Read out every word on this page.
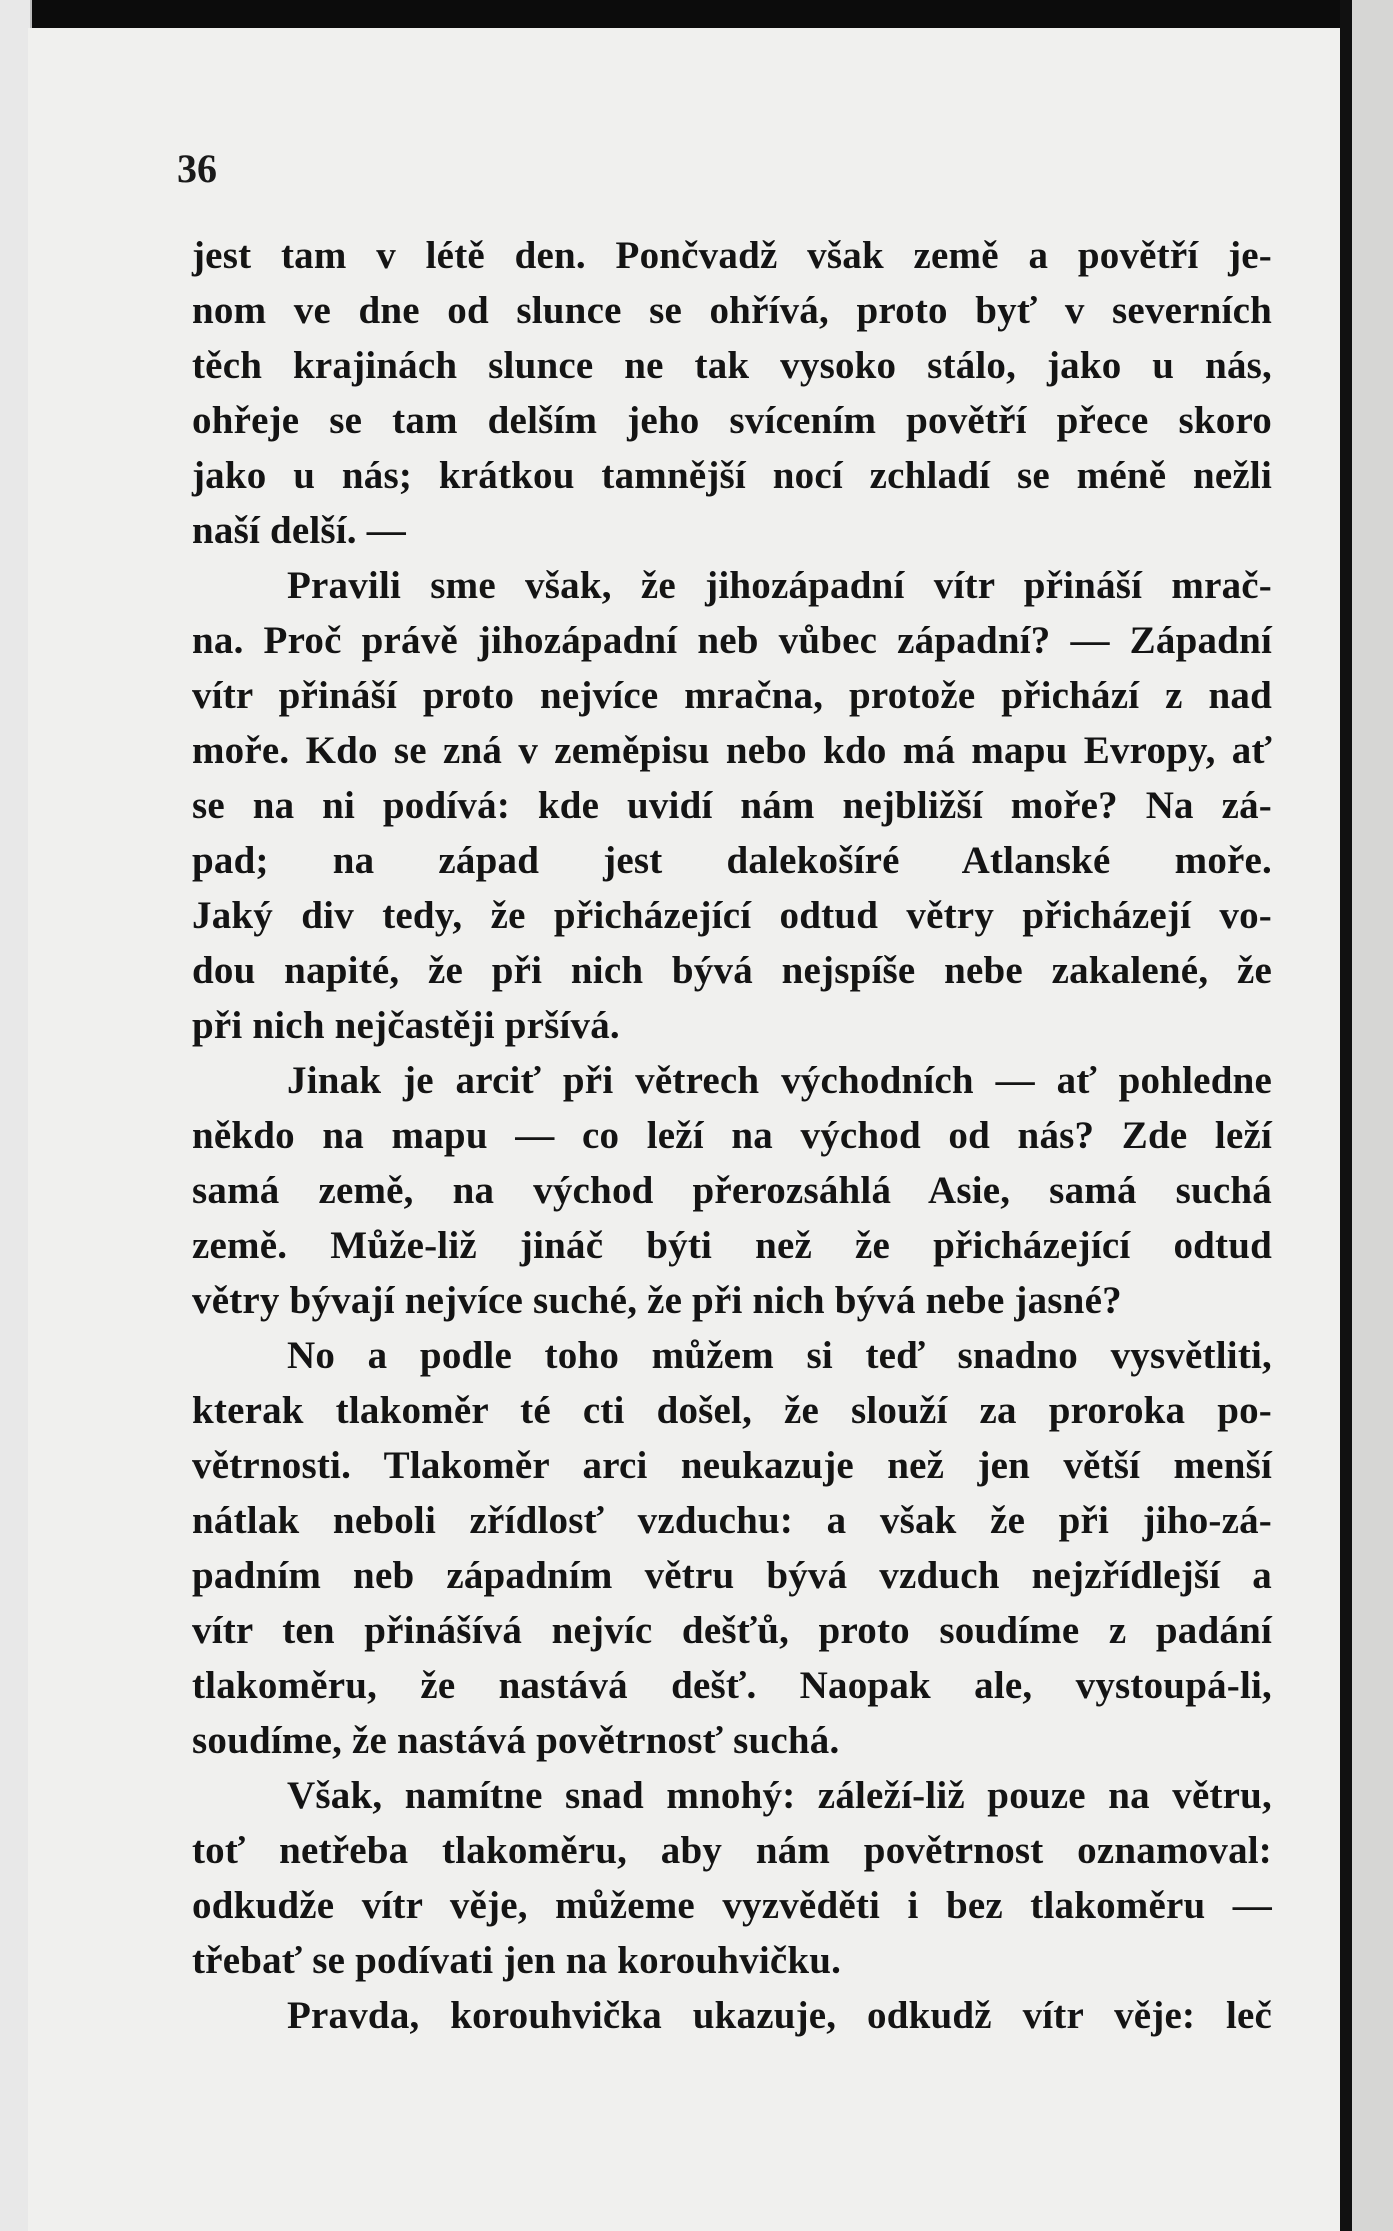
36
jest tam v létě den. Pončvadž však země a povětří je-
nom ve dne od slunce se ohřívá, proto byť v severních
těch krajinách slunce ne tak vysoko stálo, jako u nás,
ohřeje se tam delším jeho svícením povětří přece skoro
jako u nás; krátkou tamnější nocí zchladí se méně nežli
naší delší. —
Pravili sme však, že jihozápadní vítr přináší mrač-
na. Proč právě jihozápadní neb vůbec západní? — Západní
vítr přináší proto nejvíce mračna, protože přichází z nad
moře. Kdo se zná v zeměpisu nebo kdo má mapu Evropy, ať
se na ni podívá: kde uvidí nám nejbližší moře? Na zá-
pad; na západ jest dalekošíré Atlanské moře.
Jaký div tedy, že přicházející odtud větry přicházejí vo-
dou napité, že při nich bývá nejspíše nebe zakalené, že
při nich nejčastěji pršívá.
Jinak je arciť při větrech východních — ať pohledne
někdo na mapu — co leží na východ od nás? Zde leží
samá země, na východ přerozsáhlá Asie, samá suchá
země. Může-liž jináč býti než že přicházející odtud
větry bývají nejvíce suché, že při nich bývá nebe jasné?
No a podle toho můžem si teď snadno vysvětliti,
kterak tlakoměr té cti došel, že slouží za proroka po-
větrnosti. Tlakoměr arci neukazuje než jen větší menší
nátlak neboli zřídlosť vzduchu: a však že při jiho-zá-
padním neb západním větru bývá vzduch nejzřídlejší a
vítr ten přinášívá nejvíc dešťů, proto soudíme z padání
tlakoměru, že nastává dešť. Naopak ale, vystoupá-li,
soudíme, že nastává povětrnosť suchá.
Však, namítne snad mnohý: záleží-liž pouze na větru,
toť netřeba tlakoměru, aby nám povětrnost oznamoval:
odkudže vítr věje, můžeme vyzvěděti i bez tlakoměru —
třebať se podívati jen na korouhvičku.
Pravda, korouhvička ukazuje, odkudž vítr věje: leč
